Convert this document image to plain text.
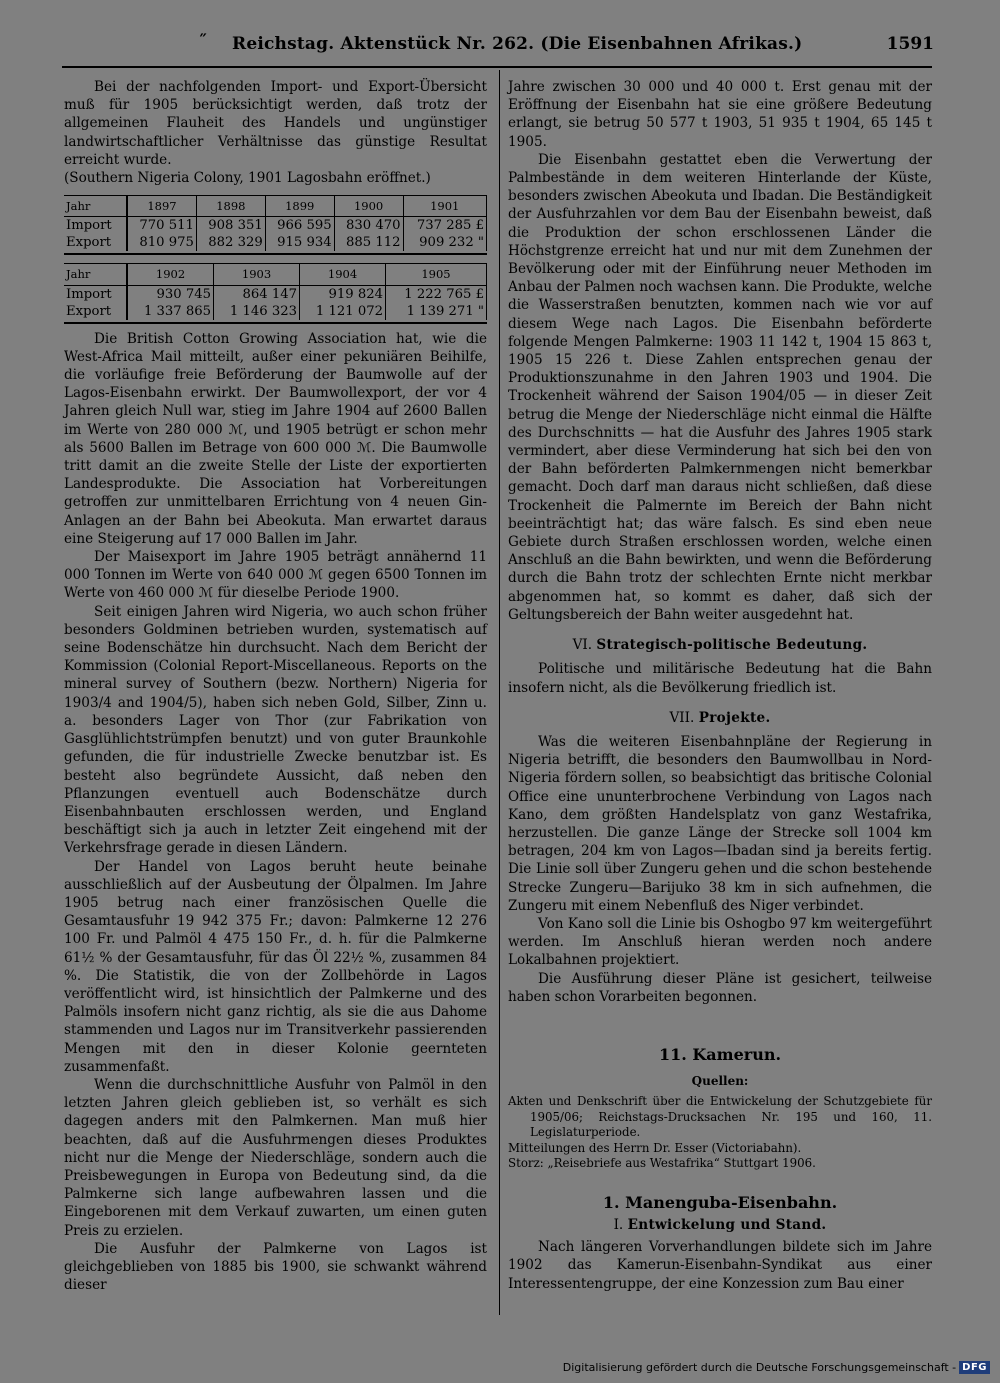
˝ Reichstag. Aktenstück Nr. 262. (Die Eisenbahnen Afrikas.)	1591

Bei der nachfolgenden Import- und Export-Übersicht muß für 1905 berücksichtigt werden, daß trotz der allgemeinen Flauheit des Handels und ungünstiger landwirtschaftlicher Verhältnisse das günstige Resultat erreicht wurde.

(Southern Nigeria Colony, 1901 Lagosbahn eröffnet.)

Jahr	1897	1898	1899	1900	1901
Import	770 511	908 351	966 595	830 470	737 285 £
Export	810 975	882 329	915 934	885 112	909 232 "
Jahr	1902	1903	1904	1905
Import	930 745	864 147	919 824	1 222 765 £
Export	1 337 865	1 146 323	1 121 072	1 139 271 "

Die British Cotton Growing Association hat, wie die West-Africa Mail mitteilt, außer einer pekuniären Beihilfe, die vorläufige freie Beförderung der Baumwolle auf der Lagos-Eisenbahn erwirkt. Der Baumwollexport, der vor 4 Jahren gleich Null war, stieg im Jahre 1904 auf 2600 Ballen im Werte von 280 000 ℳ, und 1905 betrügt er schon mehr als 5600 Ballen im Betrage von 600 000 ℳ. Die Baumwolle tritt damit an die zweite Stelle der Liste der exportierten Landesprodukte. Die Association hat Vorbereitungen getroffen zur unmittelbaren Errichtung von 4 neuen Gin-Anlagen an der Bahn bei Abeokuta. Man erwartet daraus eine Steigerung auf 17 000 Ballen im Jahr.

Der Maisexport im Jahre 1905 beträgt annähernd 11 000 Tonnen im Werte von 640 000 ℳ gegen 6500 Tonnen im Werte von 460 000 ℳ für dieselbe Periode 1900.

Seit einigen Jahren wird Nigeria, wo auch schon früher besonders Goldminen betrieben wurden, systematisch auf seine Bodenschätze hin durchsucht. Nach dem Bericht der Kommission (Colonial Report-Miscellaneous. Reports on the mineral survey of Southern (bezw. Northern) Nigeria for 1903/4 and 1904/5), haben sich neben Gold, Silber, Zinn u. a. besonders Lager von Thor (zur Fabrikation von Gasglühlichtstrümpfen benutzt) und von guter Braunkohle gefunden, die für industrielle Zwecke benutzbar ist. Es besteht also begründete Aussicht, daß neben den Pflanzungen eventuell auch Bodenschätze durch Eisenbahnbauten erschlossen werden, und England beschäftigt sich ja auch in letzter Zeit eingehend mit der Verkehrsfrage gerade in diesen Ländern.

Der Handel von Lagos beruht heute beinahe ausschließlich auf der Ausbeutung der Ölpalmen. Im Jahre 1905 betrug nach einer französischen Quelle die Gesamtausfuhr 19 942 375 Fr.; davon: Palmkerne 12 276 100 Fr. und Palmöl 4 475 150 Fr., d. h. für die Palmkerne 61½ % der Gesamtausfuhr, für das Öl 22½ %, zusammen 84 %. Die Statistik, die von der Zollbehörde in Lagos veröffentlicht wird, ist hinsichtlich der Palmkerne und des Palmöls insofern nicht ganz richtig, als sie die aus Dahome stammenden und Lagos nur im Transitverkehr passierenden Mengen mit den in dieser Kolonie geernteten zusammenfaßt.

Wenn die durchschnittliche Ausfuhr von Palmöl in den letzten Jahren gleich geblieben ist, so verhält es sich dagegen anders mit den Palmkernen. Man muß hier beachten, daß auf die Ausfuhrmengen dieses Produktes nicht nur die Menge der Niederschläge, sondern auch die Preisbewegungen in Europa von Bedeutung sind, da die Palmkerne sich lange aufbewahren lassen und die Eingeborenen mit dem Verkauf zuwarten, um einen guten Preis zu erzielen.

Die Ausfuhr der Palmkerne von Lagos ist gleichgeblieben von 1885 bis 1900, sie schwankt während dieser

Jahre zwischen 30 000 und 40 000 t. Erst genau mit der Eröffnung der Eisenbahn hat sie eine größere Bedeutung erlangt, sie betrug 50 577 t 1903, 51 935 t 1904, 65 145 t 1905.

Die Eisenbahn gestattet eben die Verwertung der Palmbestände in dem weiteren Hinterlande der Küste, besonders zwischen Abeokuta und Ibadan. Die Beständigkeit der Ausfuhrzahlen vor dem Bau der Eisenbahn beweist, daß die Produktion der schon erschlossenen Länder die Höchstgrenze erreicht hat und nur mit dem Zunehmen der Bevölkerung oder mit der Einführung neuer Methoden im Anbau der Palmen noch wachsen kann. Die Produkte, welche die Wasserstraßen benutzten, kommen nach wie vor auf diesem Wege nach Lagos. Die Eisenbahn beförderte folgende Mengen Palmkerne: 1903 11 142 t, 1904 15 863 t, 1905 15 226 t. Diese Zahlen entsprechen genau der Produktionszunahme in den Jahren 1903 und 1904. Die Trockenheit während der Saison 1904/05 — in dieser Zeit betrug die Menge der Niederschläge nicht einmal die Hälfte des Durchschnitts — hat die Ausfuhr des Jahres 1905 stark vermindert, aber diese Verminderung hat sich bei den von der Bahn beförderten Palmkernmengen nicht bemerkbar gemacht. Doch darf man daraus nicht schließen, daß diese Trockenheit die Palmernte im Bereich der Bahn nicht beeinträchtigt hat; das wäre falsch. Es sind eben neue Gebiete durch Straßen erschlossen worden, welche einen Anschluß an die Bahn bewirkten, und wenn die Beförderung durch die Bahn trotz der schlechten Ernte nicht merkbar abgenommen hat, so kommt es daher, daß sich der Geltungsbereich der Bahn weiter ausgedehnt hat.

VI. Strategisch-politische Bedeutung.

Politische und militärische Bedeutung hat die Bahn insofern nicht, als die Bevölkerung friedlich ist.

VII. Projekte.

Was die weiteren Eisenbahnpläne der Regierung in Nigeria betrifft, die besonders den Baumwollbau in Nord-Nigeria fördern sollen, so beabsichtigt das britische Colonial Office eine ununterbrochene Verbindung von Lagos nach Kano, dem größten Handelsplatz von ganz Westafrika, herzustellen. Die ganze Länge der Strecke soll 1004 km betragen, 204 km von Lagos—Ibadan sind ja bereits fertig. Die Linie soll über Zungeru gehen und die schon bestehende Strecke Zungeru—Barijuko 38 km in sich aufnehmen, die Zungeru mit einem Nebenfluß des Niger verbindet.

Von Kano soll die Linie bis Oshogbo 97 km weitergeführt werden. Im Anschluß hieran werden noch andere Lokalbahnen projektiert.

Die Ausführung dieser Pläne ist gesichert, teilweise haben schon Vorarbeiten begonnen.

11. Kamerun.
Quellen:

Akten und Denkschrift über die Entwickelung der Schutzgebiete für 1905/06; Reichstags-Drucksachen Nr. 195 und 160, 11. Legislaturperiode.

Mitteilungen des Herrn Dr. Esser (Victoriabahn).

Storz: „Reisebriefe aus Westafrika“ Stuttgart 1906.

1. Manenguba-Eisenbahn.
I. Entwickelung und Stand.

Nach längeren Vorverhandlungen bildete sich im Jahre 1902 das Kamerun-Eisenbahn-Syndikat aus einer Interessentengruppe, der eine Konzession zum Bau einer

Digitalisierung gefördert durch die Deutsche Forschungsgemeinschaft - DFG
